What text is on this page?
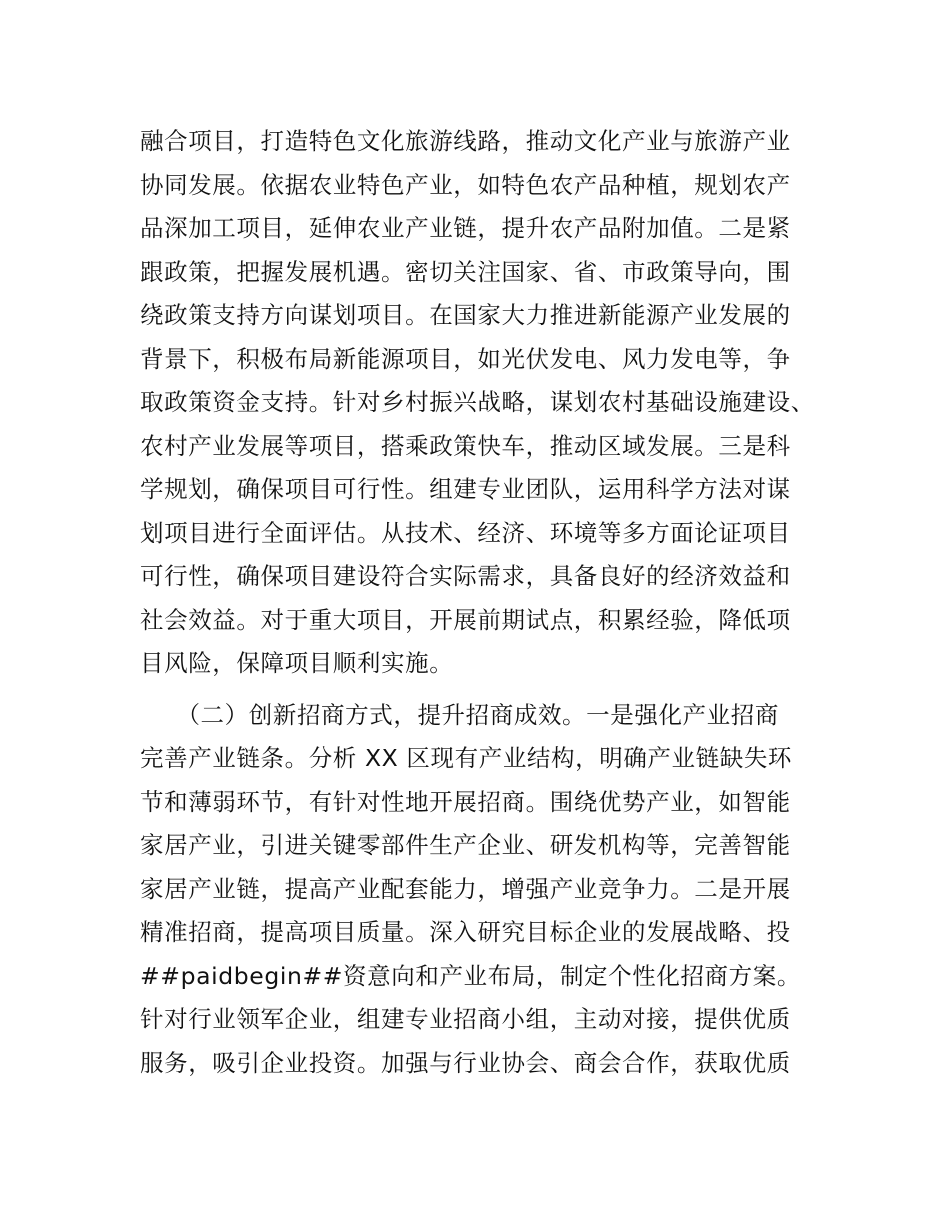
融合项目，打造特色文化旅游线路，推动文化产业与旅游产业
协同发展。依据农业特色产业，如特色农产品种植，规划农产
品深加工项目，延伸农业产业链，提升农产品附加值。二是紧
跟政策，把握发展机遇。密切关注国家、省、市政策导向，围
绕政策支持方向谋划项目。在国家大力推进新能源产业发展的
背景下，积极布局新能源项目，如光伏发电、风力发电等，争
取政策资金支持。针对乡村振兴战略，谋划农村基础设施建设、
农村产业发展等项目，搭乘政策快车，推动区域发展。三是科
学规划，确保项目可行性。组建专业团队，运用科学方法对谋
划项目进行全面评估。从技术、经济、环境等多方面论证项目
可行性，确保项目建设符合实际需求，具备良好的经济效益和
社会效益。对于重大项目，开展前期试点，积累经验，降低项
目风险，保障项目顺利实施。
　　（二）创新招商方式，提升招商成效。一是强化产业招商
完善产业链条。分析 XX 区现有产业结构，明确产业链缺失环
节和薄弱环节，有针对性地开展招商。围绕优势产业，如智能
家居产业，引进关键零部件生产企业、研发机构等，完善智能
家居产业链，提高产业配套能力，增强产业竞争力。二是开展
精准招商，提高项目质量。深入研究目标企业的发展战略、投
##paidbegin##资意向和产业布局，制定个性化招商方案。
针对行业领军企业，组建专业招商小组，主动对接，提供优质
服务，吸引企业投资。加强与行业协会、商会合作，获取优质
